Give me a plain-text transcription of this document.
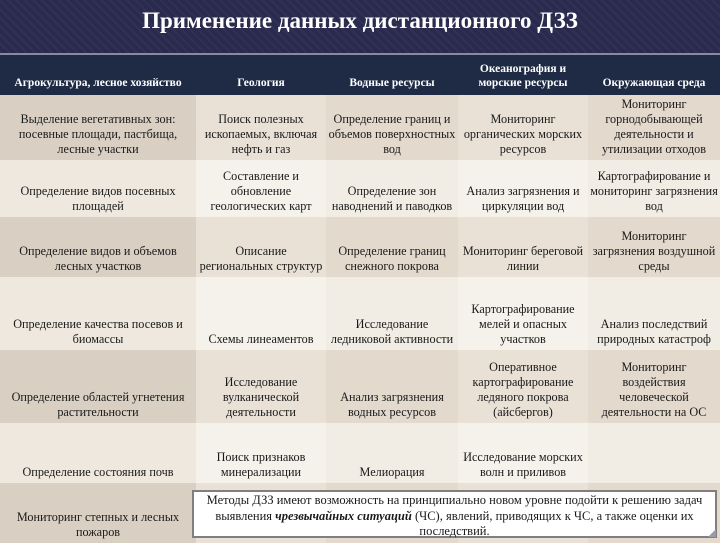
Применение данных дистанционного ДЗЗ
Агрокультура, лесное хозяйство	Геология	Водные ресурсы	Океанография и морские ресурсы	Окружающая среда
Выделение вегетативных зон: посевные площади, пастбища, лесные участки	Поиск полезных ископаемых, включая нефть и газ	Определение границ и объемов поверхностных вод	Мониторинг органических морских ресурсов	Мониторинг горнодобывающей деятельности и утилизации отходов
Определение видов посевных площадей	Составление и обновление геологических карт	Определение зон наводнений и паводков	Анализ загрязнения и циркуляции вод	Картографирование и мониторинг загрязнения вод
Определение видов и объемов лесных участков	Описание региональных структур	Определение границ снежного покрова	Мониторинг береговой линии	Мониторинг загрязнения воздушной среды
Определение качества посевов и биомассы	Схемы линеаментов	Исследование ледниковой активности	Картографирование мелей и опасных участков	Анализ последствий природных катастроф
Определение областей угнетения растительности	Исследование вулканической деятельности	Анализ загрязнения водных ресурсов	Оперативное картографирование ледяного покрова (айсбергов)	Мониторинг воздействия человеческой деятельности на ОС
Определение состояния почв	Поиск признаков минерализации	Мелиорация	Исследование морских волн и приливов	
Мониторинг степных и лесных пожаров				
Методы ДЗЗ имеют возможность на принципиально новом уровне подойти к решению задач выявления чрезвычайных ситуаций (ЧС), явлений, приводящих к ЧС, а также оценки их последствий.
